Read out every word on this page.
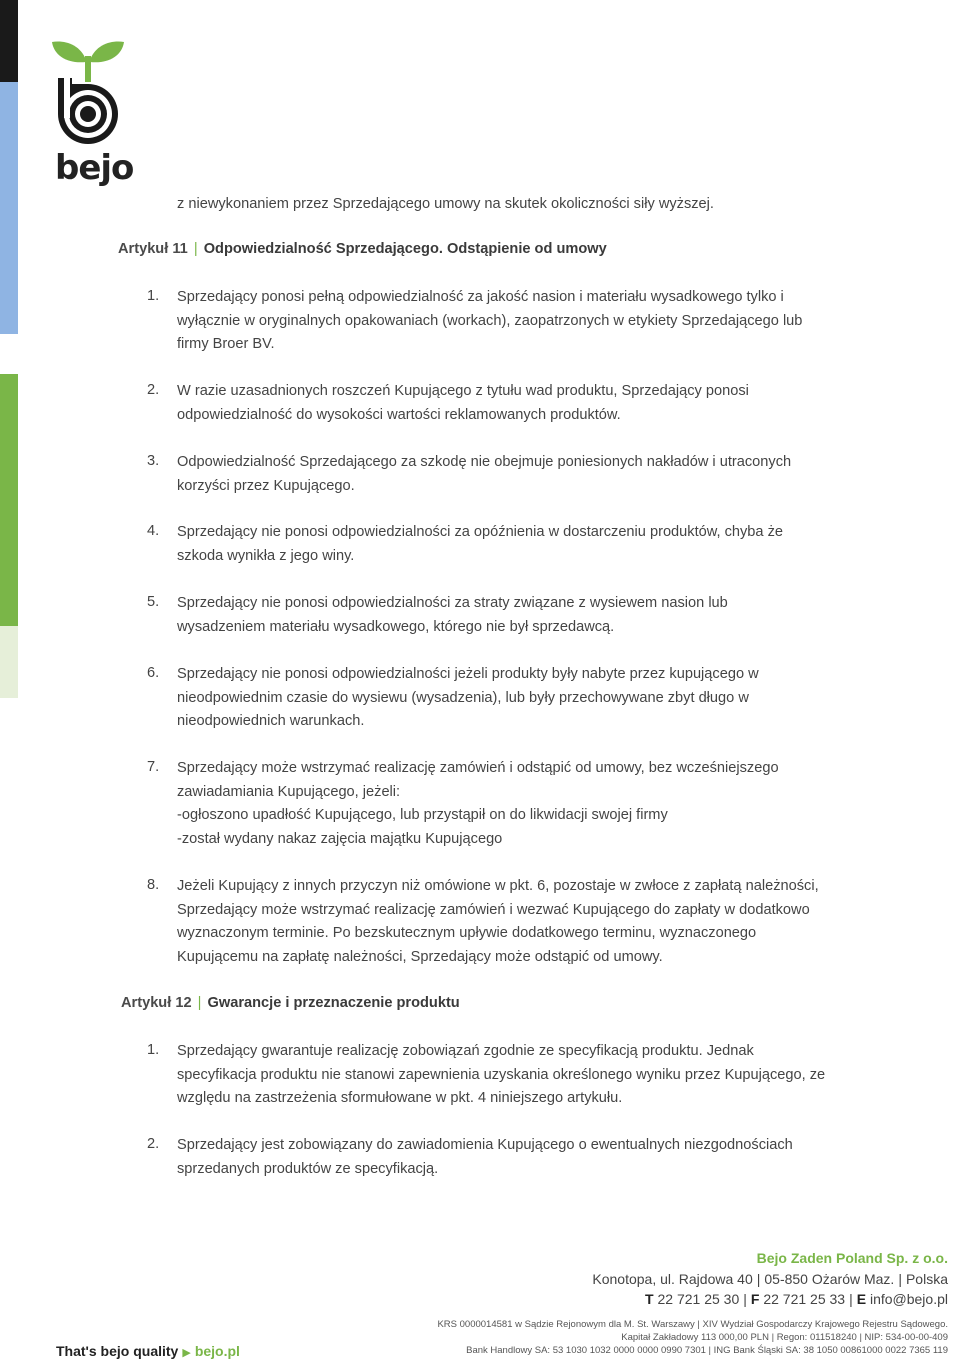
bejo
z niewykonaniem przez Sprzedającego umowy na skutek okoliczności siły wyższej.
Artykuł 11 | Odpowiedzialność Sprzedającego. Odstąpienie od umowy
1. Sprzedający ponosi pełną odpowiedzialność za jakość nasion i materiału wysadkowego tylko i wyłącznie w oryginalnych opakowaniach (workach), zaopatrzonych w etykiety Sprzedającego lub firmy Broer BV.
2. W razie uzasadnionych roszczeń Kupującego z tytułu wad produktu, Sprzedający ponosi odpowiedzialność do wysokości wartości reklamowanych produktów.
3. Odpowiedzialność Sprzedającego za szkodę nie obejmuje poniesionych nakładów i utraconych korzyści przez Kupującego.
4. Sprzedający nie ponosi odpowiedzialności za opóźnienia w dostarczeniu produktów, chyba że szkoda wynikła z jego winy.
5. Sprzedający nie ponosi odpowiedzialności za straty związane z wysiewem nasion lub wysadzeniem materiału wysadkowego, którego nie był sprzedawcą.
6. Sprzedający nie ponosi odpowiedzialności jeżeli produkty były nabyte przez kupującego w nieodpowiednim czasie do wysiewu (wysadzenia), lub były przechowywane zbyt długo w nieodpowiednich warunkach.
7. Sprzedający może wstrzymać realizację zamówień i odstąpić od umowy, bez wcześniejszego zawiadamiania Kupującego, jeżeli:
-ogłoszono upadłość Kupującego, lub przystąpił on do likwidacji swojej firmy
-został wydany nakaz zajęcia majątku Kupującego
8. Jeżeli Kupujący z innych przyczyn niż omówione w pkt. 6, pozostaje w zwłoce z zapłatą należności, Sprzedający może wstrzymać realizację zamówień i wezwać Kupującego do zapłaty w dodatkowo wyznaczonym terminie. Po bezskutecznym upływie dodatkowego terminu, wyznaczonego Kupującemu na zapłatę należności, Sprzedający może odstąpić od umowy.
Artykuł 12 | Gwarancje i przeznaczenie produktu
1. Sprzedający gwarantuje realizację zobowiązań zgodnie ze specyfikacją produktu. Jednak specyfikacja produktu nie stanowi zapewnienia uzyskania określonego wyniku przez Kupującego, ze względu na zastrzeżenia sformułowane w pkt. 4 niniejszego artykułu.
2. Sprzedający jest zobowiązany do zawiadomienia Kupującego o ewentualnych niezgodnościach sprzedanych produktów ze specyfikacją.
Bejo Zaden Poland Sp. z o.o.
Konotopa, ul. Rajdowa 40 | 05-850 Ożarów Maz. | Polska
T 22 721 25 30 | F 22 721 25 33 | E info@bejo.pl
KRS 0000014581 w Sądzie Rejonowym dla M. St. Warszawy | XIV Wydział Gospodarczy Krajowego Rejestru Sądowego.
Kapitał Zakładowy 113 000,00 PLN | Regon: 011518240 | NIP: 534-00-00-409
Bank Handlowy SA: 53 1030 1032 0000 0000 0990 7301 | ING Bank Śląski SA: 38 1050 00861000 0022 7365 119
That's bejo quality ▶ bejo.pl
